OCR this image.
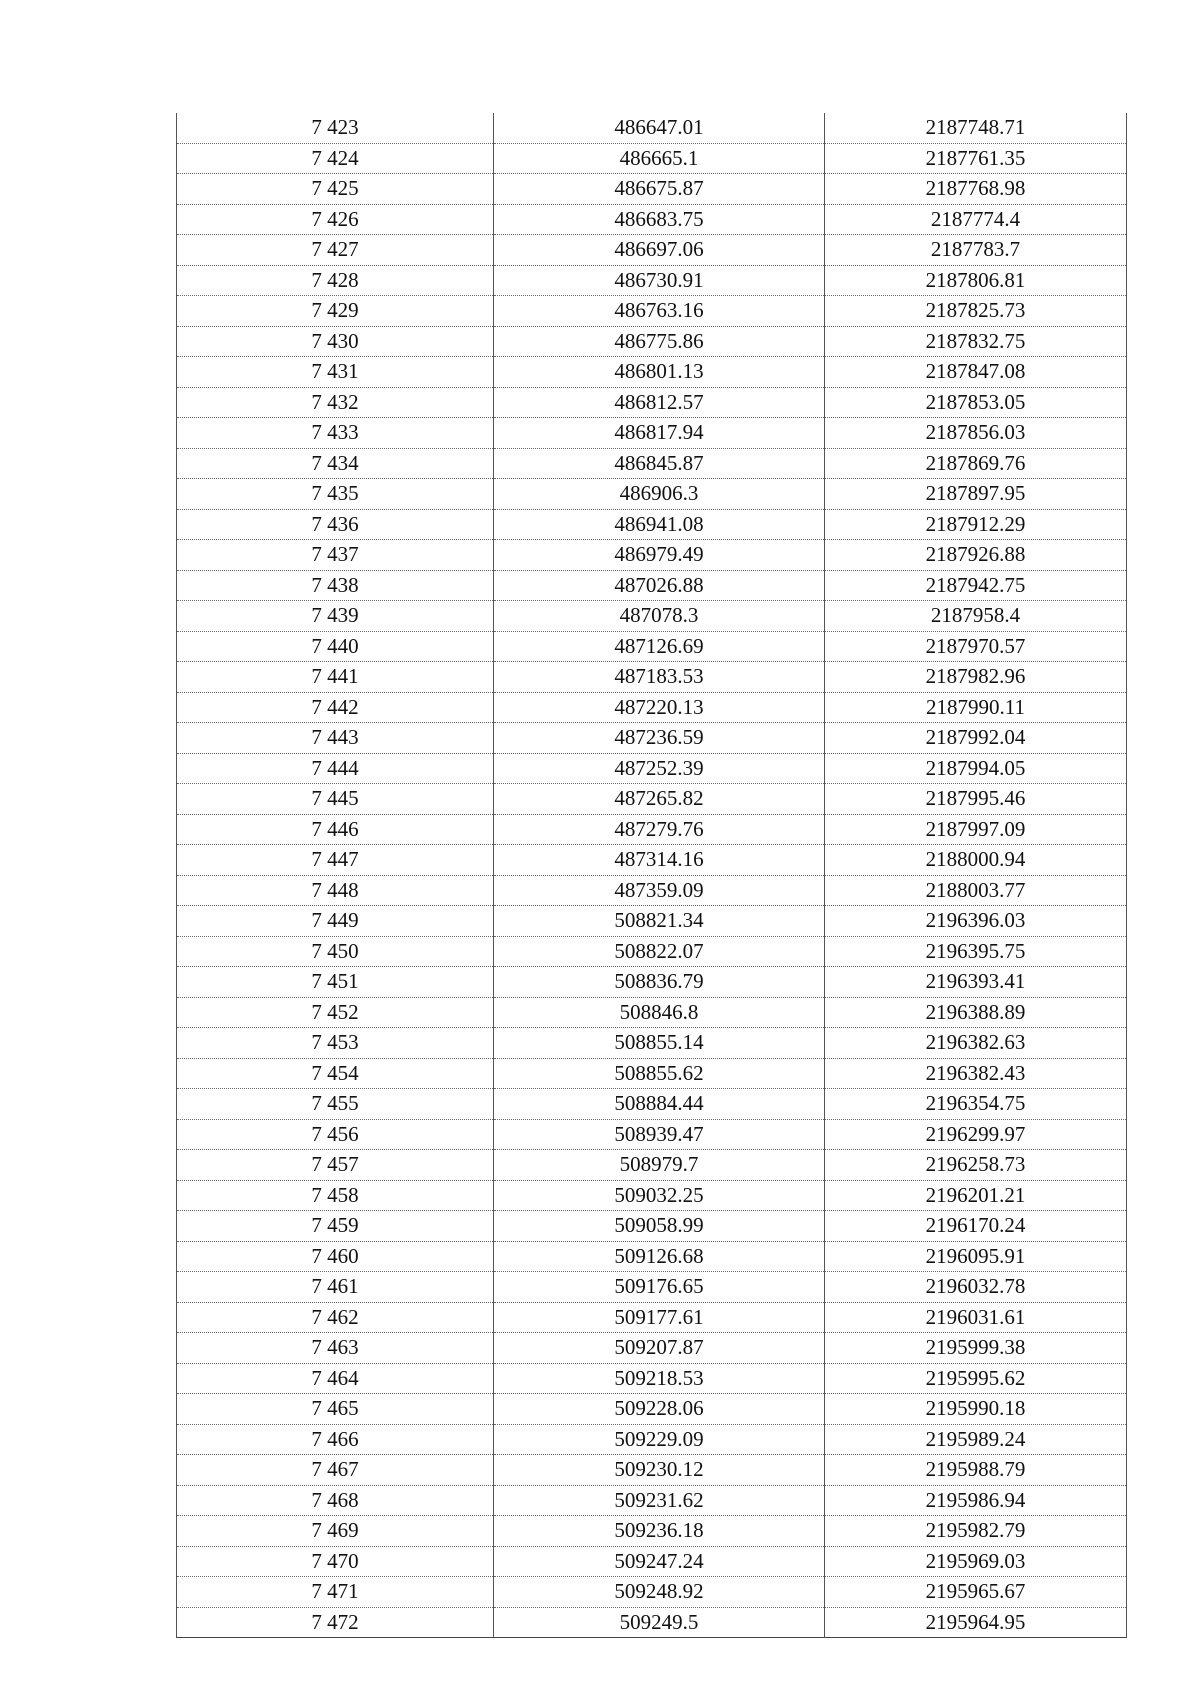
7 423	486647.01	2187748.71
7 424	486665.1	2187761.35
7 425	486675.87	2187768.98
7 426	486683.75	2187774.4
7 427	486697.06	2187783.7
7 428	486730.91	2187806.81
7 429	486763.16	2187825.73
7 430	486775.86	2187832.75
7 431	486801.13	2187847.08
7 432	486812.57	2187853.05
7 433	486817.94	2187856.03
7 434	486845.87	2187869.76
7 435	486906.3	2187897.95
7 436	486941.08	2187912.29
7 437	486979.49	2187926.88
7 438	487026.88	2187942.75
7 439	487078.3	2187958.4
7 440	487126.69	2187970.57
7 441	487183.53	2187982.96
7 442	487220.13	2187990.11
7 443	487236.59	2187992.04
7 444	487252.39	2187994.05
7 445	487265.82	2187995.46
7 446	487279.76	2187997.09
7 447	487314.16	2188000.94
7 448	487359.09	2188003.77
7 449	508821.34	2196396.03
7 450	508822.07	2196395.75
7 451	508836.79	2196393.41
7 452	508846.8	2196388.89
7 453	508855.14	2196382.63
7 454	508855.62	2196382.43
7 455	508884.44	2196354.75
7 456	508939.47	2196299.97
7 457	508979.7	2196258.73
7 458	509032.25	2196201.21
7 459	509058.99	2196170.24
7 460	509126.68	2196095.91
7 461	509176.65	2196032.78
7 462	509177.61	2196031.61
7 463	509207.87	2195999.38
7 464	509218.53	2195995.62
7 465	509228.06	2195990.18
7 466	509229.09	2195989.24
7 467	509230.12	2195988.79
7 468	509231.62	2195986.94
7 469	509236.18	2195982.79
7 470	509247.24	2195969.03
7 471	509248.92	2195965.67
7 472	509249.5	2195964.95
